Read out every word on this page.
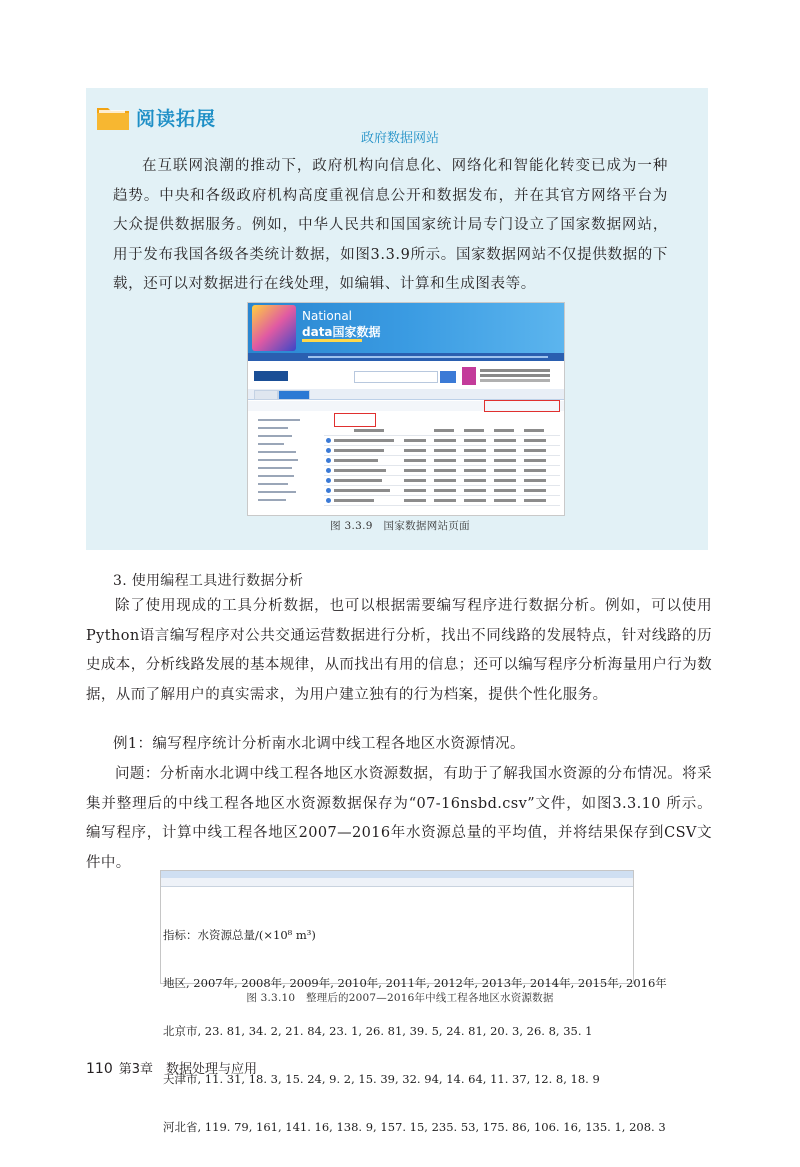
阅读拓展
政府数据网站
在互联网浪潮的推动下，政府机构向信息化、网络化和智能化转变已成为一种趋势。中央和各级政府机构高度重视信息公开和数据发布，并在其官方网络平台为大众提供数据服务。例如，中华人民共和国国家统计局专门设立了国家数据网站，用于发布我国各级各类统计数据，如图3.3.9所示。国家数据网站不仅提供数据的下载，还可以对数据进行在线处理，如编辑、计算和生成图表等。
National
data国家数据
图 3.3.9　国家数据网站页面
3. 使用编程工具进行数据分析
除了使用现成的工具分析数据，也可以根据需要编写程序进行数据分析。例如，可以使用Python语言编写程序对公共交通运营数据进行分析，找出不同线路的发展特点，针对线路的历史成本，分析线路发展的基本规律，从而找出有用的信息；还可以编写程序分析海量用户行为数据，从而了解用户的真实需求，为用户建立独有的行为档案，提供个性化服务。
例1：编写程序统计分析南水北调中线工程各地区水资源情况。
问题：分析南水北调中线工程各地区水资源数据，有助于了解我国水资源的分布情况。将采集并整理后的中线工程各地区水资源数据保存为“07-16nsbd.csv”文件，如图3.3.10 所示。编写程序，计算中线工程各地区2007—2016年水资源总量的平均值，并将结果保存到CSV文件中。

指标：水资源总量/(×10⁸ m³)

地区, 2007年, 2008年, 2009年, 2010年, 2011年, 2012年, 2013年, 2014年, 2015年, 2016年

北京市, 23. 81, 34. 2, 21. 84, 23. 1, 26. 81, 39. 5, 24. 81, 20. 3, 26. 8, 35. 1

天津市, 11. 31, 18. 3, 15. 24, 9. 2, 15. 39, 32. 94, 14. 64, 11. 37, 12. 8, 18. 9

河北省, 119. 79, 161, 141. 16, 138. 9, 157. 15, 235. 53, 175. 86, 106. 16, 135. 1, 208. 3

图 3.3.10　整理后的2007—2016年中线工程各地区水资源数据
110 第3章　数据处理与应用
